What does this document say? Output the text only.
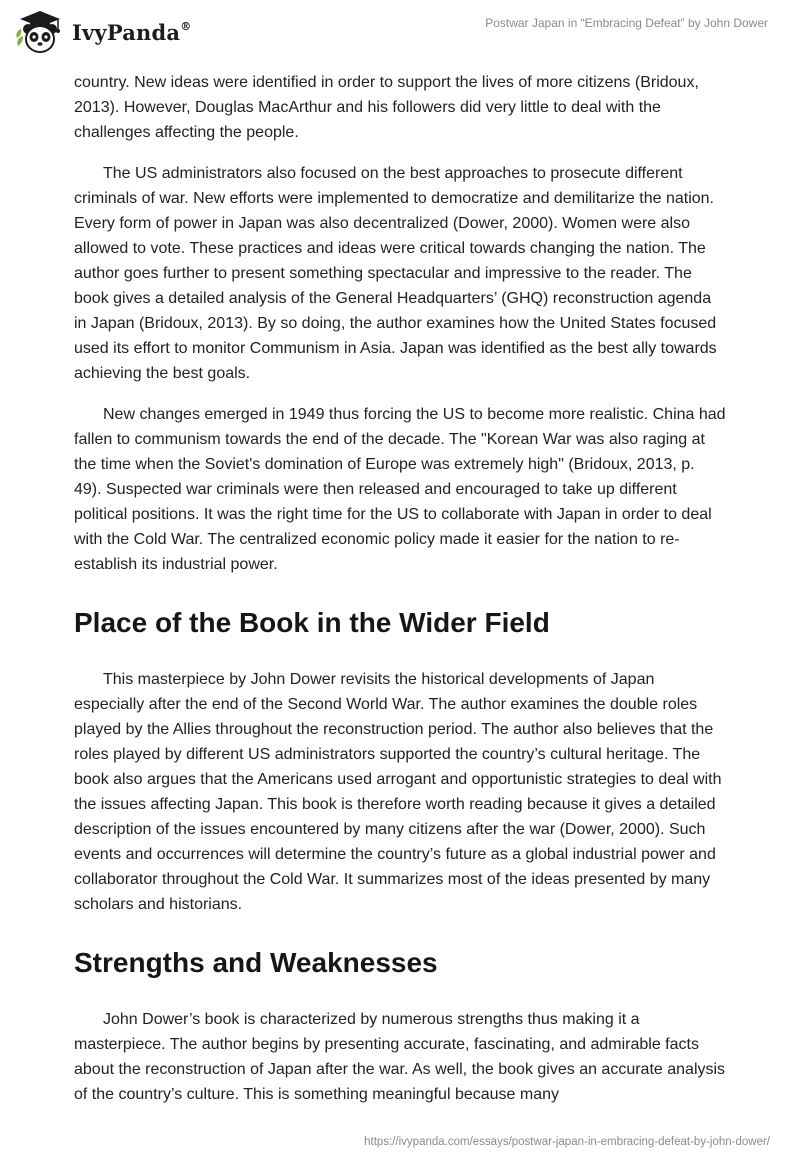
IvyPanda®	Postwar Japan in “Embracing Defeat” by John Dower

country. New ideas were identified in order to support the lives of more citizens (Bridoux, 2013). However, Douglas MacArthur and his followers did very little to deal with the challenges affecting the people.

The US administrators also focused on the best approaches to prosecute different criminals of war. New efforts were implemented to democratize and demilitarize the nation. Every form of power in Japan was also decentralized (Dower, 2000). Women were also allowed to vote. These practices and ideas were critical towards changing the nation. The author goes further to present something spectacular and impressive to the reader. The book gives a detailed analysis of the General Headquarters’ (GHQ) reconstruction agenda in Japan (Bridoux, 2013). By so doing, the author examines how the United States focused used its effort to monitor Communism in Asia. Japan was identified as the best ally towards achieving the best goals.

New changes emerged in 1949 thus forcing the US to become more realistic. China had fallen to communism towards the end of the decade. The "Korean War was also raging at the time when the Soviet's domination of Europe was extremely high" (Bridoux, 2013, p. 49). Suspected war criminals were then released and encouraged to take up different political positions. It was the right time for the US to collaborate with Japan in order to deal with the Cold War. The centralized economic policy made it easier for the nation to re-establish its industrial power.

Place of the Book in the Wider Field

This masterpiece by John Dower revisits the historical developments of Japan especially after the end of the Second World War. The author examines the double roles played by the Allies throughout the reconstruction period. The author also believes that the roles played by different US administrators supported the country’s cultural heritage. The book also argues that the Americans used arrogant and opportunistic strategies to deal with the issues affecting Japan. This book is therefore worth reading because it gives a detailed description of the issues encountered by many citizens after the war (Dower, 2000). Such events and occurrences will determine the country’s future as a global industrial power and collaborator throughout the Cold War. It summarizes most of the ideas presented by many scholars and historians.

Strengths and Weaknesses

John Dower’s book is characterized by numerous strengths thus making it a masterpiece. The author begins by presenting accurate, fascinating, and admirable facts about the reconstruction of Japan after the war. As well, the book gives an accurate analysis of the country’s culture. This is something meaningful because many

https://ivypanda.com/essays/postwar-japan-in-embracing-defeat-by-john-dower/
